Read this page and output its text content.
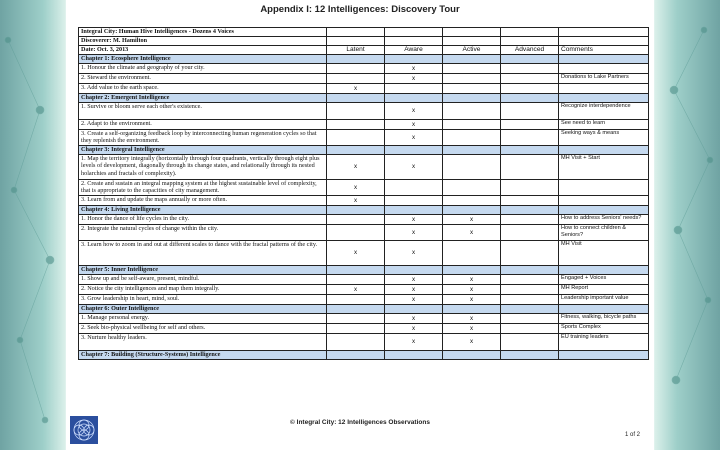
Appendix I: 12 Intelligences: Discovery Tour
Integral City: Human Hive Intelligences - Dozens 4 Voices					
Discoverer: M. Hamilton					
Date: Oct. 3, 2013	Latent	Aware	Active	Advanced	Comments
Chapter 1: Ecosphere Intelligence					
1. Honour the climate and geography of your city.		x			
2. Steward the environment.		x			Donations to Lake Partners
3. Add value to the earth space.	x				
Chapter 2: Emergent Intelligence					
1. Survive or bloom serve each other's existence.		x			Recognize interdependence
2. Adapt to the environment.		x			See need to learn
3. Create a self-organizing feedback loop by interconnecting human regeneration cycles so that they replenish the environment.		x			Seeking ways & means
Chapter 3: Integral Intelligence					
1. Map the territory integrally (horizontally through four quadrants, vertically through eight plus levels of development, diagonally through its change states, and relationally through its nested holarchies and fractals of complexity).	x	x			MH Visit + Start
2. Create and sustain an integral mapping system at the highest sustainable level of complexity, that is appropriate to the capacities of city management.	x				
3. Learn from and update the maps annually or more often.	x				
Chapter 4: Living Intelligence					
1. Honor the dance of life cycles in the city.		x	x		How to address Seniors' needs?
2. Integrate the natural cycles of change within the city.		x	x		How to connect children & Seniors?
3. Learn how to zoom in and out at different scales to dance with the fractal patterns of the city.	x	x			MH Visit
Chapter 5: Inner Intelligence					
1. Show up and be self-aware, present, mindful.		x	x		Engaged + Voices
2. Notice the city intelligences and map them integrally.	x	x	x		MH Report
3. Grow leadership in heart, mind, soul.		x	x		Leadership important value
Chapter 6: Outer Intelligence					
1. Manage personal energy.		x	x		Fitness, walking, bicycle paths
2. Seek bio-physical wellbeing for self and others.		x	x		Sports Complex
3. Nurture healthy leaders.		x	x		EU training leaders
Chapter 7: Building (Structure-Systems) Intelligence					
© Integral City: 12 Intelligences Observations
1 of 2
